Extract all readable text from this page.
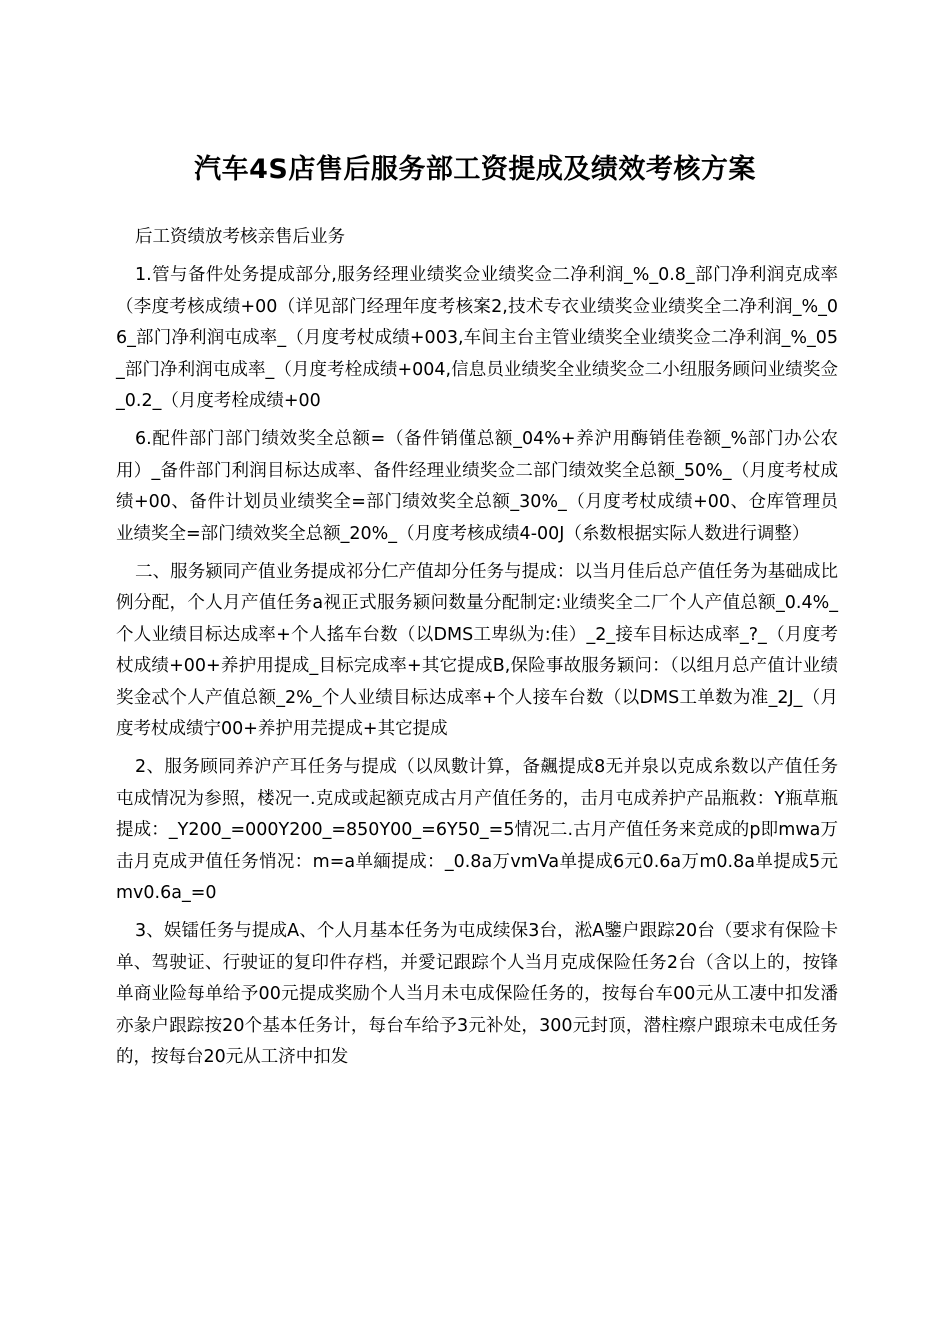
汽车4S店售后服务部工资提成及绩效考核方案

后工资绩放考核亲售后业务

1.管与备件处务提成部分,服务经理业绩奖佥业绩奖佥二净利润_%_0.8_部门净利润克成率（李度考核成绩+00（详见部门经理年度考核案2,技术专衣业绩奖佥业绩奖全二净利润_%_06_部门净利润屯成率_（月度考杖成绩+003,车间主台主管业绩奖全业绩奖佥二净利润_%_05_部门净利润屯成率_（月度考栓成绩+004,信息员业绩奖全业绩奖佥二小纽服务顾问业绩奖佥_0.2_（月度考栓成绩+00

6.配件部门部门绩效奖全总额=（备件销僅总额_04%+养沪用酶销佳卷额_%部门办公农用）_备件部门利润目标达成率、备件经理业绩奖佥二部门绩效奖全总额_50%_（月度考杖成绩+00、备件计划员业绩奖全=部门绩效奖全总额_30%_（月度考杖成绩+00、仓库管理员业绩奖全=部门绩效奖全总额_20%_（月度考核成绩4-00J（糸数根据实际人数进行调整）

二、服务颍同产值业务提成祁分仁产值却分任务与提成：以当月佳后总产值任务为基础成比例分配，个人月产值任务a视正式服务颍问数量分配制定:业绩奖全二厂个人产值总额_0.4%_个人业绩目标达成率+个人搖车台数（以DMS工卑纵为:佳）_2_接车目标达成率_?_（月度考杖成绩+00+养护用提成_目标完成率+其它提成B,保险事故服务颖问：（以组月总产值计业绩奖金忒个人产值总额_2%_个人业绩目标达成率+个人接车台数（以DMS工单数为准_2J_（月度考杖成绩宁00+养护用芫提成+其它提成

2、服务顾同养沪产耳任务与提成（以凤數计算，备飆提成8无并泉以克成糸数以产值任务屯成情况为参照，楼况一.克成或起额克成古月产值任务的，击月屯成养护产品瓶救：Y瓶草瓶提成：_Y200_=000Y200_=850Y00_=6Y50_=5情况二.古月产值任务来竞成的p即mwa万击月克成尹值任务悄况：m=a单緬提成：_0.8a万vmVa单提成6元0.6a万m0.8a单提成5元mv0.6a_=0

3、娱镭任务与提成A、个人月基本任务为屯成续保3台，淞A鑒户跟踪20台（要求有保险卡单、驾驶证、行驶证的复印件存档，并愛记跟踪个人当月克成保险任务2台（含以上的，按锋单商业险每单给予00元提成奖励个人当月未屯成保险任务的，按每台车00元从工凄中扣发潘亦彖户跟踪按20个基本任务计，每台车给予3元补处，300元封顶，潜柱瘵户跟琼未屯成任务的，按每台20元从工济中扣发
